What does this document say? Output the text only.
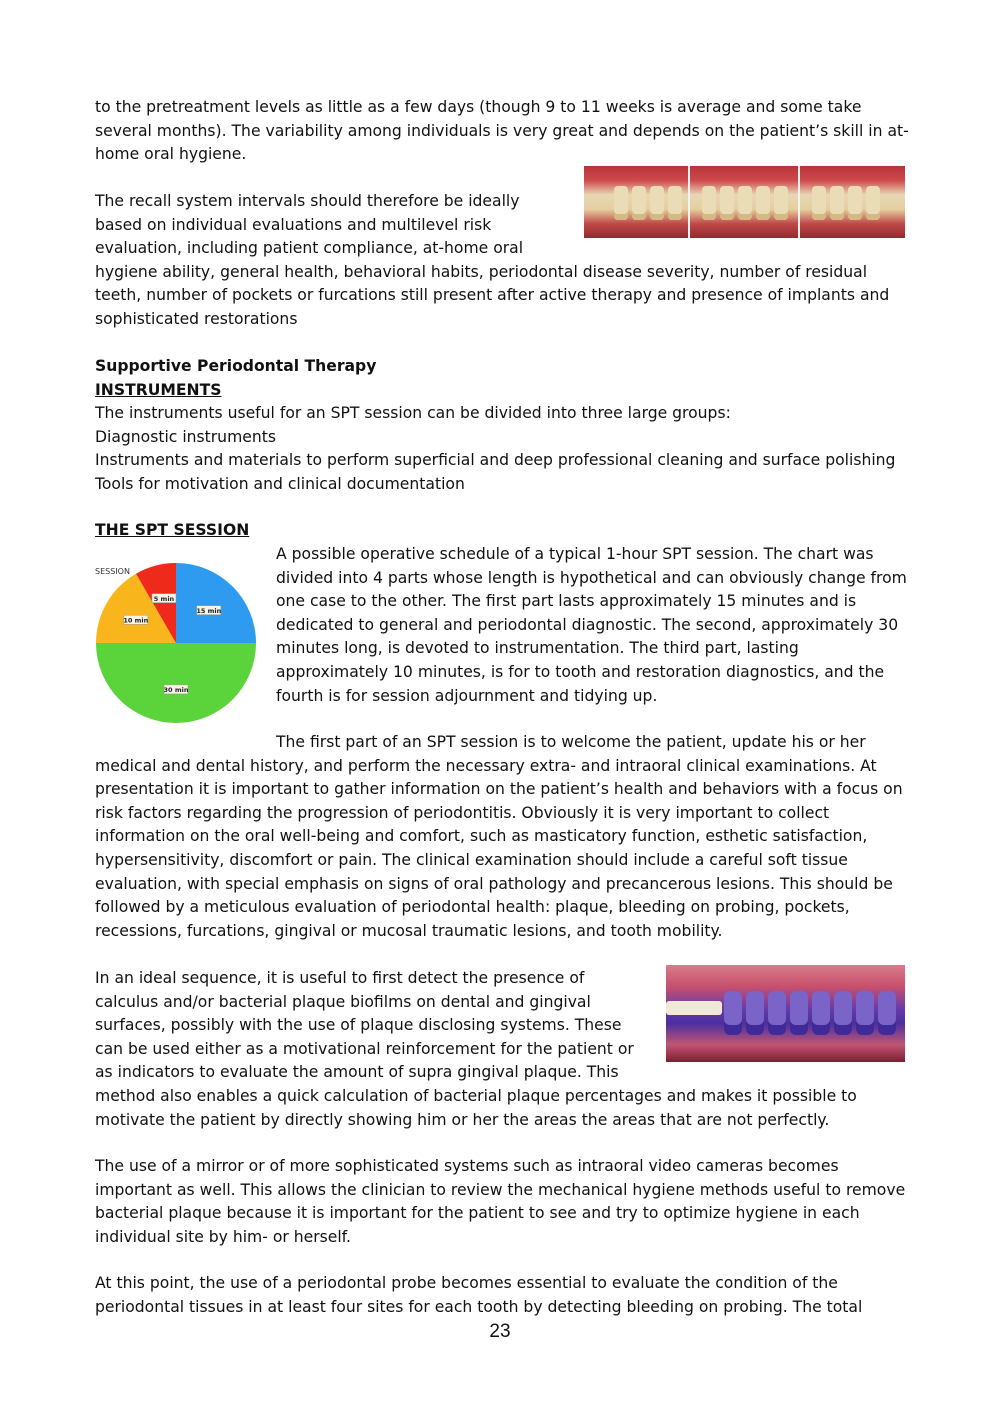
to the pretreatment levels as little as a few days (though 9 to 11 weeks is average and some take
several months). The variability among individuals is very great and depends on the patient’s skill in at-
home oral hygiene.
The recall system intervals should therefore be ideally
based on individual evaluations and multilevel risk
evaluation, including patient compliance, at-home oral
hygiene ability, general health, behavioral habits, periodontal disease severity, number of residual
teeth, number of pockets or furcations still present after active therapy and presence of implants and
sophisticated restorations
Supportive Periodontal Therapy
INSTRUMENTS
The instruments useful for an SPT session can be divided into three large groups:
Diagnostic instruments
Instruments and materials to perform superficial and deep professional cleaning and surface polishing
Tools for motivation and clinical documentation
THE SPT SESSION
SESSION
15 min
30 min
10 min
5 min
A possible operative schedule of a typical 1-hour SPT session. The chart was
divided into 4 parts whose length is hypothetical and can obviously change from
one case to the other. The first part lasts approximately 15 minutes and is
dedicated to general and periodontal diagnostic. The second, approximately 30
minutes long, is devoted to instrumentation. The third part, lasting
approximately 10 minutes, is for to tooth and restoration diagnostics, and the
fourth is for session adjournment and tidying up.
The first part of an SPT session is to welcome the patient, update his or her
medical and dental history, and perform the necessary extra- and intraoral clinical examinations. At
presentation it is important to gather information on the patient’s health and behaviors with a focus on
risk factors regarding the progression of periodontitis. Obviously it is very important to collect
information on the oral well-being and comfort, such as masticatory function, esthetic satisfaction,
hypersensitivity, discomfort or pain. The clinical examination should include a careful soft tissue
evaluation, with special emphasis on signs of oral pathology and precancerous lesions. This should be
followed by a meticulous evaluation of periodontal health: plaque, bleeding on probing, pockets,
recessions, furcations, gingival or mucosal traumatic lesions, and tooth mobility.
In an ideal sequence, it is useful to first detect the presence of
calculus and/or bacterial plaque biofilms on dental and gingival
surfaces, possibly with the use of plaque disclosing systems. These
can be used either as a motivational reinforcement for the patient or
as indicators to evaluate the amount of supra gingival plaque. This
method also enables a quick calculation of bacterial plaque percentages and makes it possible to
motivate the patient by directly showing him or her the areas the areas that are not perfectly.
The use of a mirror or of more sophisticated systems such as intraoral video cameras becomes
important as well. This allows the clinician to review the mechanical hygiene methods useful to remove
bacterial plaque because it is important for the patient to see and try to optimize hygiene in each
individual site by him- or herself.
At this point, the use of a periodontal probe becomes essential to evaluate the condition of the
periodontal tissues in at least four sites for each tooth by detecting bleeding on probing. The total
23
